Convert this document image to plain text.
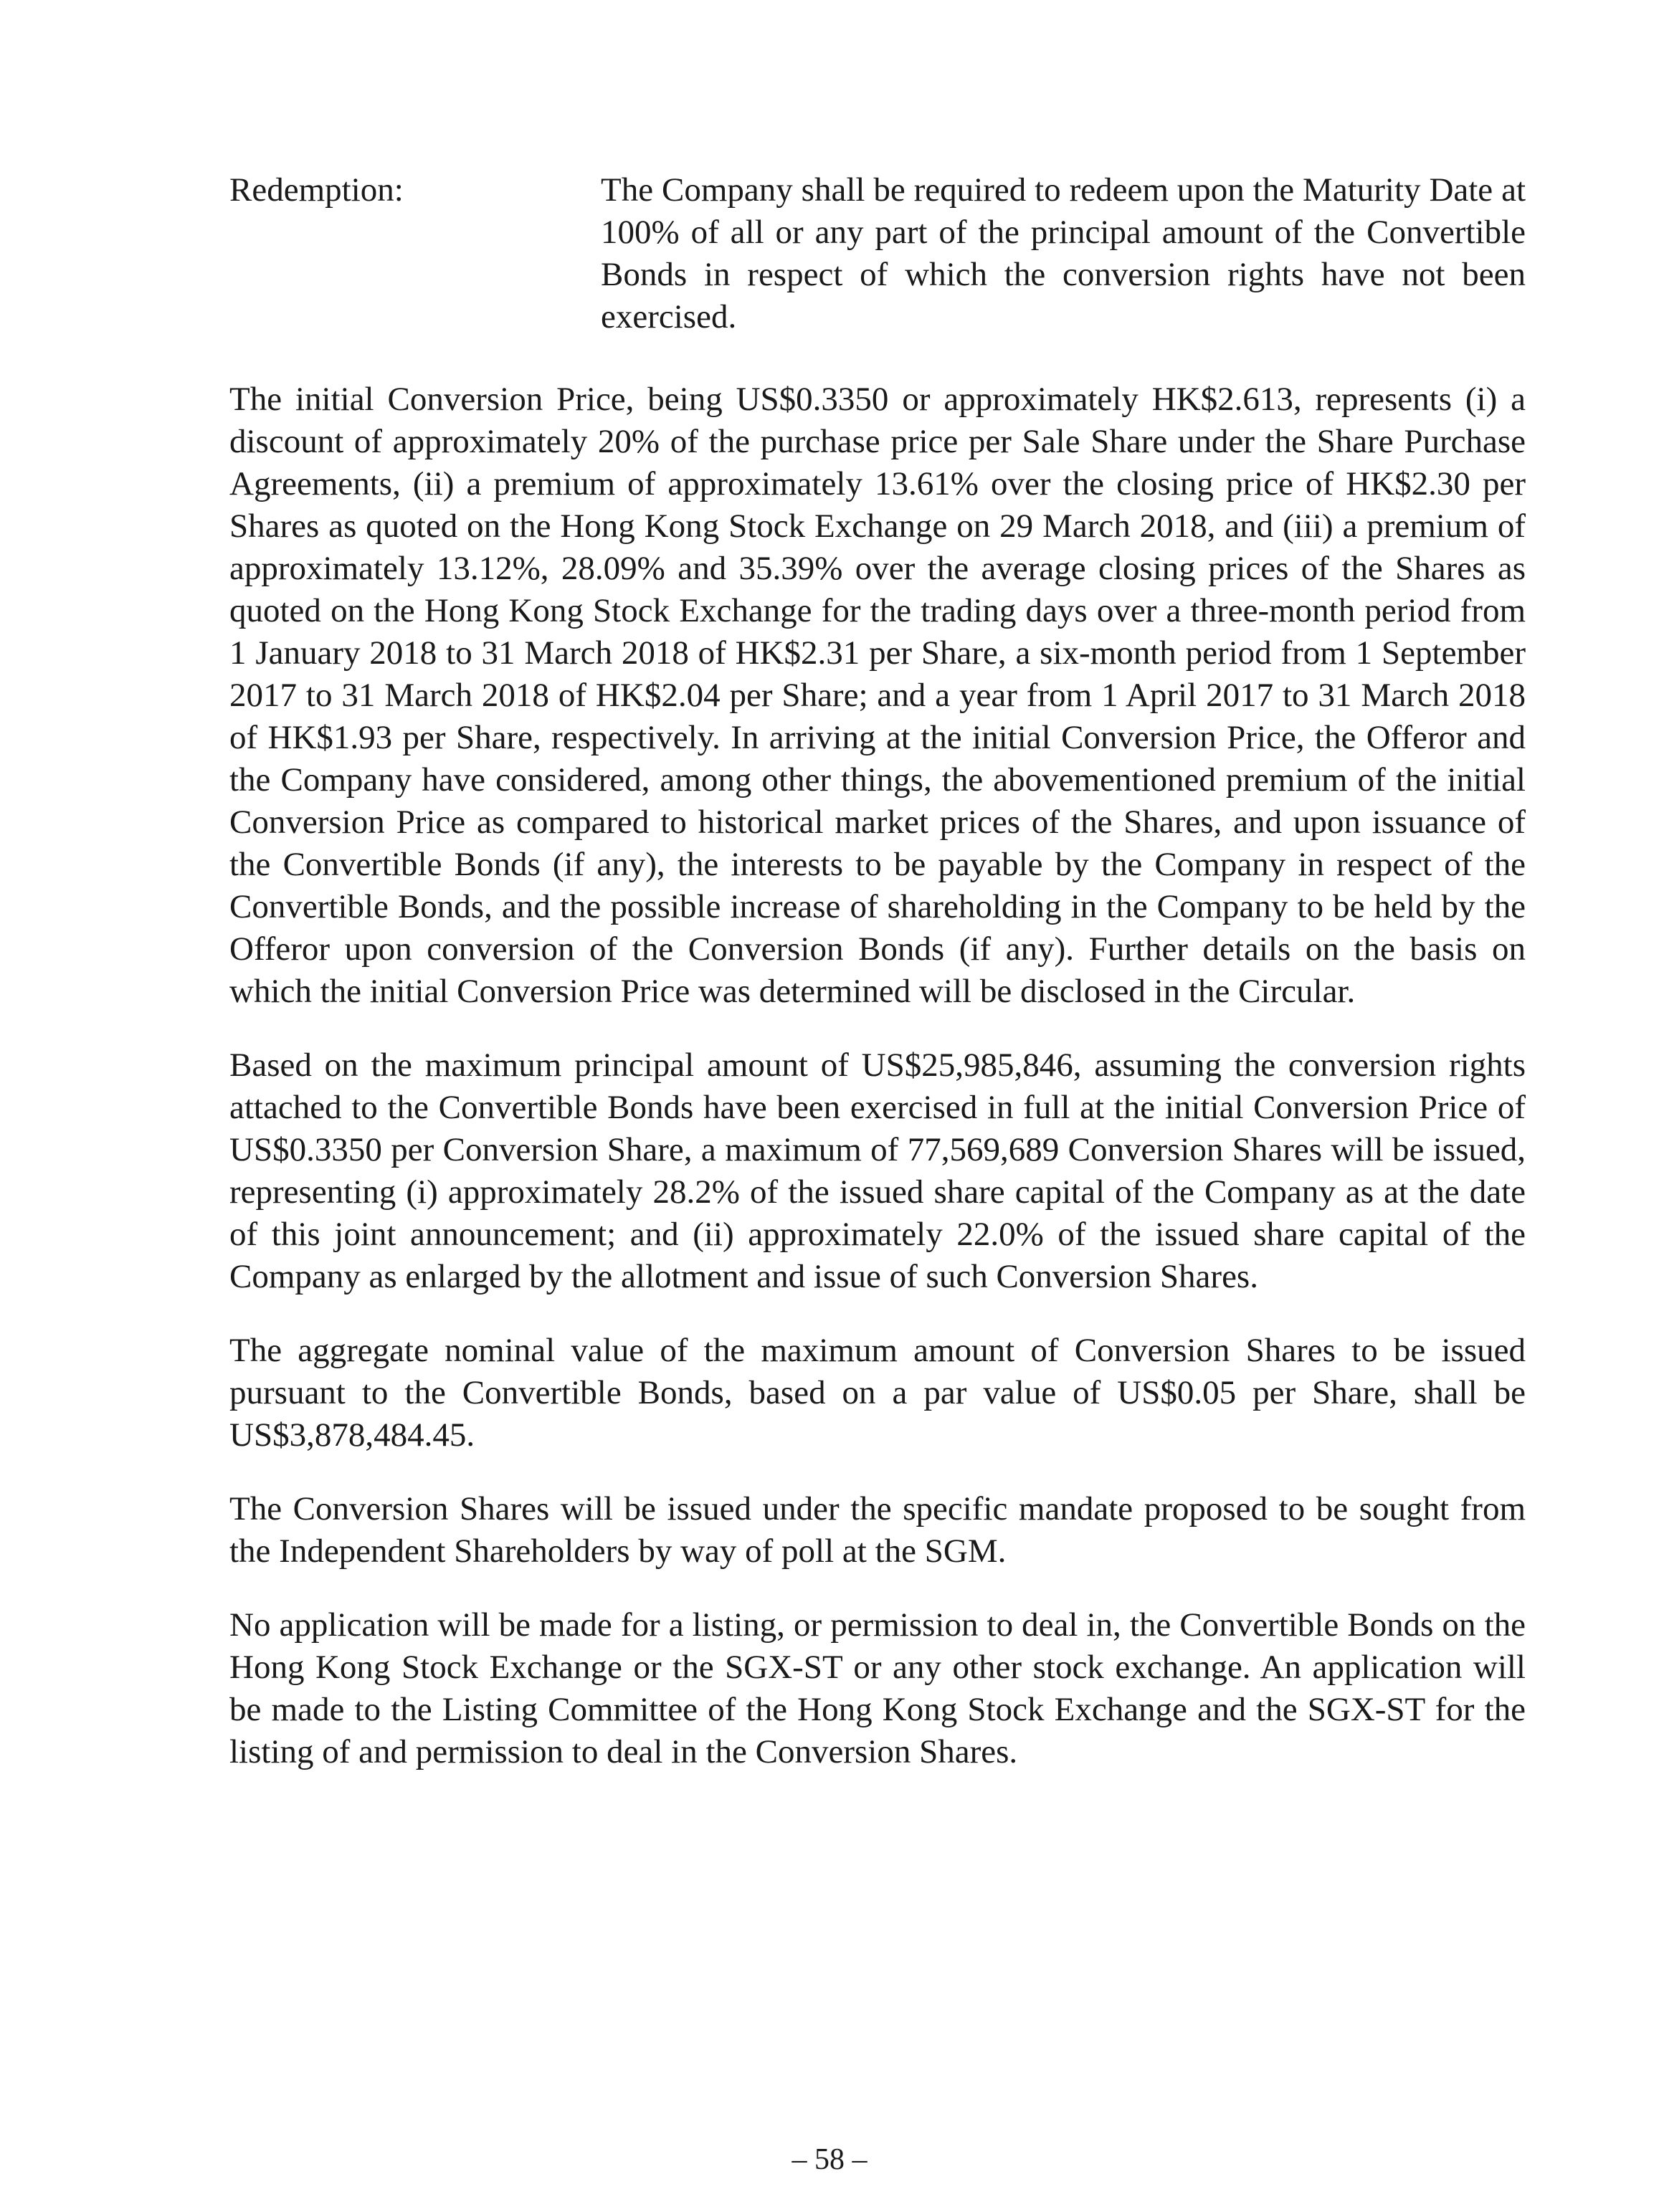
Redemption:	The Company shall be required to redeem upon the Maturity Date at 100% of all or any part of the principal amount of the Convertible Bonds in respect of which the conversion rights have not been exercised.

The initial Conversion Price, being US$0.3350 or approximately HK$2.613, represents (i) a discount of approximately 20% of the purchase price per Sale Share under the Share Purchase Agreements, (ii) a premium of approximately 13.61% over the closing price of HK$2.30 per Shares as quoted on the Hong Kong Stock Exchange on 29 March 2018, and (iii) a premium of approximately 13.12%, 28.09% and 35.39% over the average closing prices of the Shares as quoted on the Hong Kong Stock Exchange for the trading days over a three-month period from 1 January 2018 to 31 March 2018 of HK$2.31 per Share, a six-month period from 1 September 2017 to 31 March 2018 of HK$2.04 per Share; and a year from 1 April 2017 to 31 March 2018 of HK$1.93 per Share, respectively. In arriving at the initial Conversion Price, the Offeror and the Company have considered, among other things, the abovementioned premium of the initial Conversion Price as compared to historical market prices of the Shares, and upon issuance of the Convertible Bonds (if any), the interests to be payable by the Company in respect of the Convertible Bonds, and the possible increase of shareholding in the Company to be held by the Offeror upon conversion of the Conversion Bonds (if any). Further details on the basis on which the initial Conversion Price was determined will be disclosed in the Circular.

Based on the maximum principal amount of US$25,985,846, assuming the conversion rights attached to the Convertible Bonds have been exercised in full at the initial Conversion Price of US$0.3350 per Conversion Share, a maximum of 77,569,689 Conversion Shares will be issued, representing (i) approximately 28.2% of the issued share capital of the Company as at the date of this joint announcement; and (ii) approximately 22.0% of the issued share capital of the Company as enlarged by the allotment and issue of such Conversion Shares.

The aggregate nominal value of the maximum amount of Conversion Shares to be issued pursuant to the Convertible Bonds, based on a par value of US$0.05 per Share, shall be US$3,878,484.45.

The Conversion Shares will be issued under the specific mandate proposed to be sought from the Independent Shareholders by way of poll at the SGM.

No application will be made for a listing, or permission to deal in, the Convertible Bonds on the Hong Kong Stock Exchange or the SGX-ST or any other stock exchange. An application will be made to the Listing Committee of the Hong Kong Stock Exchange and the SGX-ST for the listing of and permission to deal in the Conversion Shares.

– 58 –
